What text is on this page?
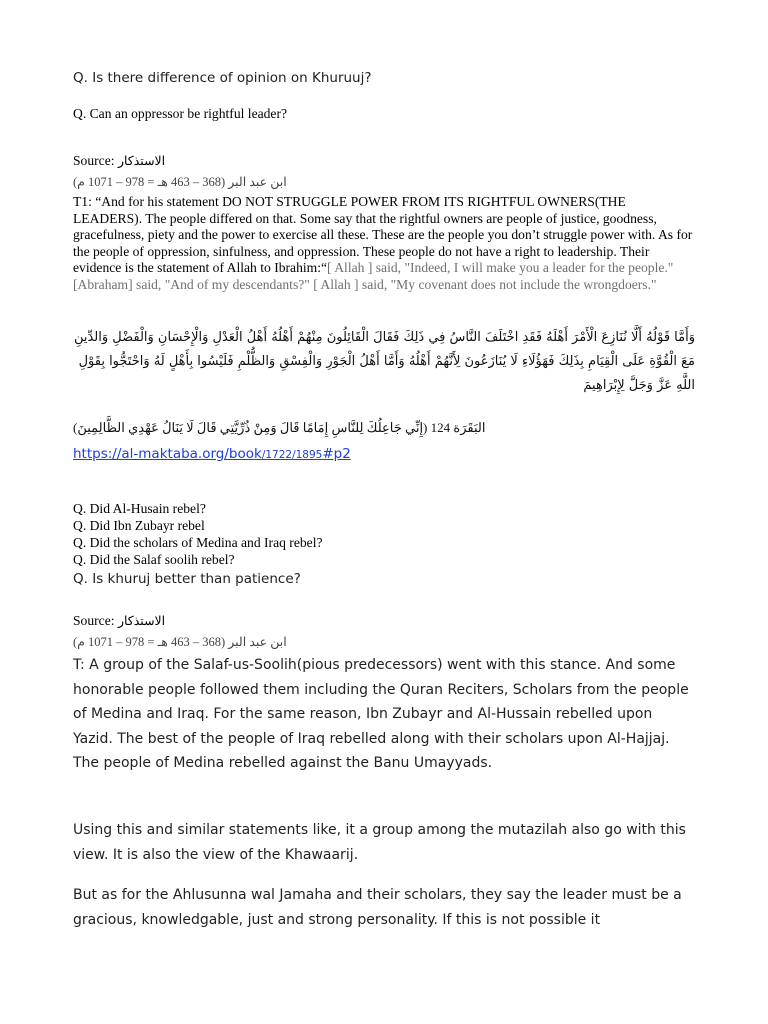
Q. Is there difference of opinion on Khuruuj?
Q. Can an oppressor be rightful leader?
Source: الاستذكار
ابن عبد البر (368 – 463 هـ = 978 – 1071 م)
T1: “And for his statement DO NOT STRUGGLE POWER FROM ITS RIGHTFUL OWNERS(THE LEADERS). The people differed on that. Some say that the rightful owners are people of justice, goodness, gracefulness, piety and the power to exercise all these. These are the people you don’t struggle power with. As for the people of oppression, sinfulness, and oppression. These people do not have a right to leadership. Their evidence is the statement of Allah to Ibrahim:“[ Allah ] said, "Indeed, I will make you a leader for the people." [Abraham] said, "And of my descendants?" [ Allah ] said, "My covenant does not include the wrongdoers."
وَأَمَّا قَوْلُهُ أَلَّا نُنَازِعَ الْأَمْرَ أَهْلَهُ فَقَدِ اخْتَلَفَ النَّاسُ فِي ذَلِكَ فَقَالَ الْقَائِلُونَ مِنْهُمْ أَهْلُهُ أَهْلُ الْعَدْلِ وَالْإِحْسَانِ وَالْفَضْلِ وَالدِّينِ مَعَ الْقُوَّةِ عَلَى الْقِيَامِ بِذَلِكَ فَهَؤُلَاءِ لَا يُنَازَعُونَ لِأَنَّهُمْ أَهْلُهُ وَأَمَّا أَهْلُ الْجَوْرِ وَالْفِسْقِ وَالظُّلْمِ فَلَيْسُوا بِأَهْلٍ لَهُ وَاحْتَجُّوا بِقَوْلِ اللَّهِ عَزَّ وَجَلَّ لِإِبْرَاهِيمَ
البَقَرَة 124 (إِنِّي جَاعِلُكَ لِلنَّاسِ إِمَامًا قَالَ وَمِنْ ذُرِّيَّتِي قَالَ لَا يَنَالُ عَهْدِي الظَّالِمِينَ)
https://al-maktaba.org/book/1722/1895#p2
Q. Did Al-Husain rebel?
Q. Did Ibn Zubayr rebel
Q. Did the scholars of Medina and Iraq rebel?
Q. Did the Salaf soolih rebel?
Q. Is khuruj better than patience?
Source: الاستذكار
ابن عبد البر (368 – 463 هـ = 978 – 1071 م)
T: A group of the Salaf-us-Soolih(pious predecessors) went with this stance. And some honorable people followed them including the Quran Reciters, Scholars from the people of Medina and Iraq. For the same reason, Ibn Zubayr and Al-Hussain rebelled upon Yazid. The best of the people of Iraq rebelled along with their scholars upon Al-Hajjaj. The people of Medina rebelled against the Banu Umayyads.
Using this and similar statements like, it a group among the mutazilah also go with this view. It is also the view of the Khawaarij.
But as for the Ahlusunna wal Jamaha and their scholars, they say the leader must be a gracious, knowledgable, just and strong personality. If this is not possible it
